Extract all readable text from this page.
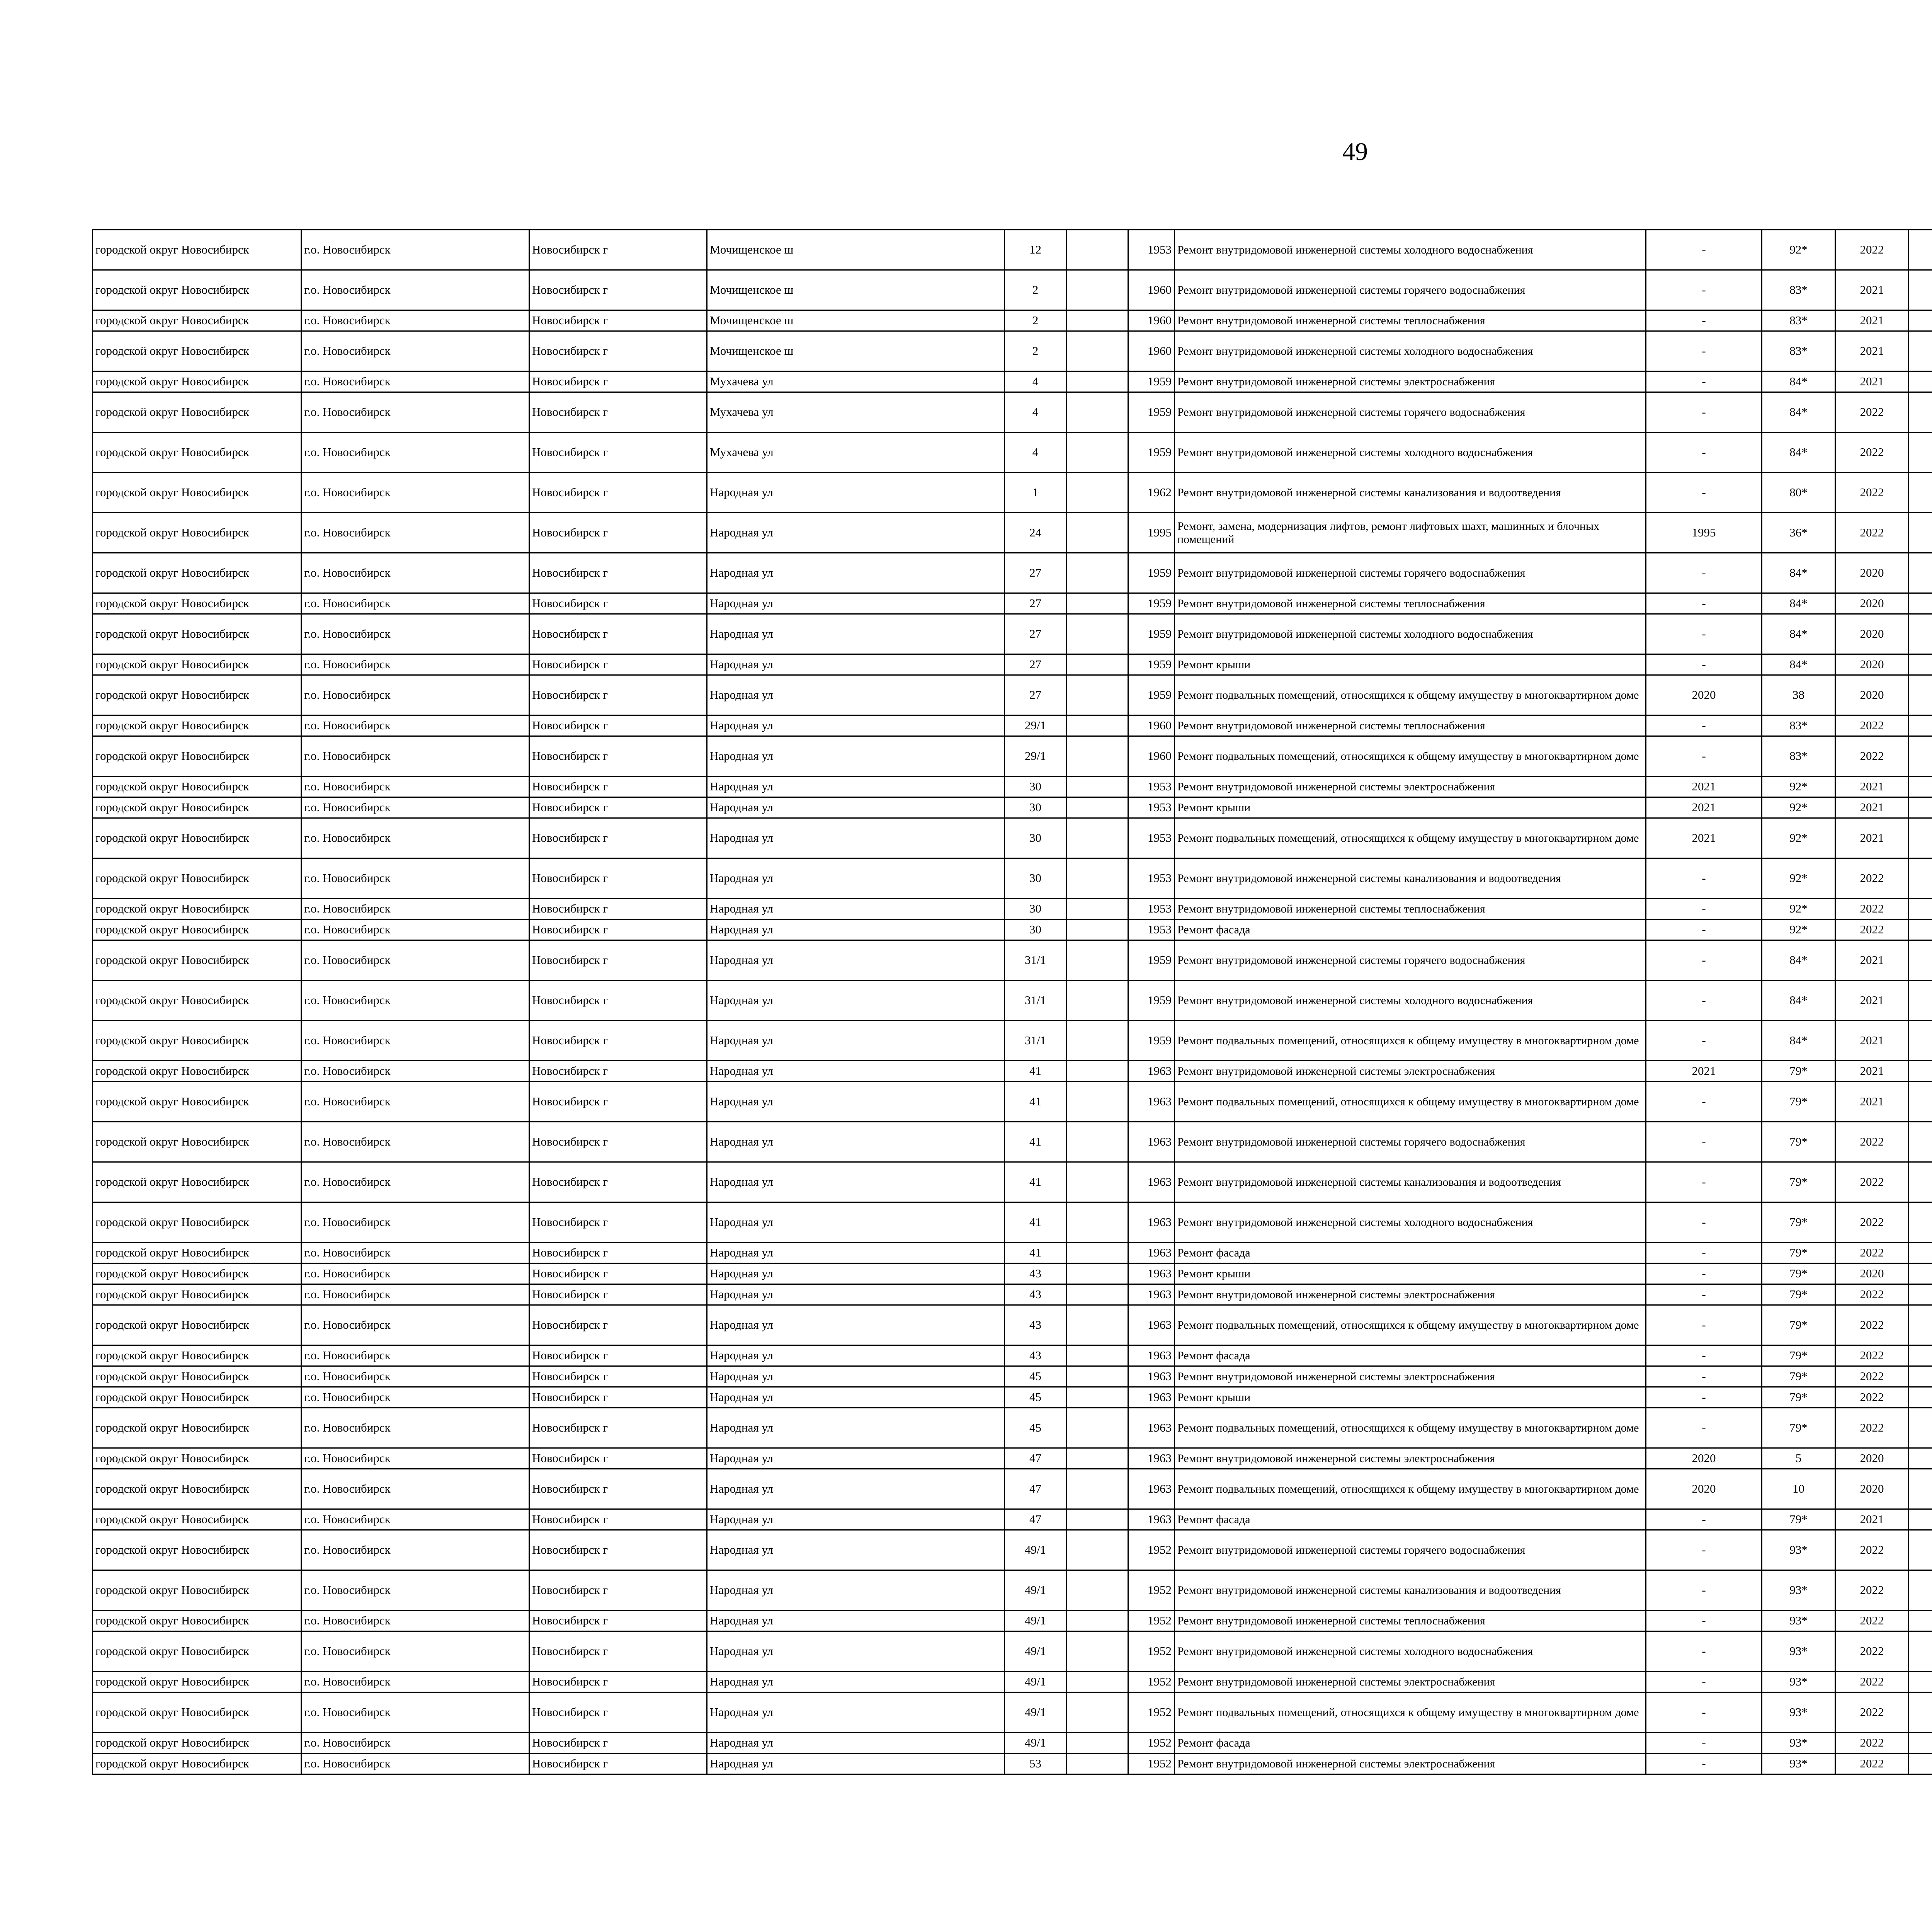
49
городской округ Новосибирск	г.о. Новосибирск	Новосибирск г	Мочищенское ш	12		1953	Ремонт внутридомовой инженерной системы холодного водоснабжения	-	92*	2022							
городской округ Новосибирск	г.о. Новосибирск	Новосибирск г	Мочищенское ш	2		1960	Ремонт внутридомовой инженерной системы горячего водоснабжения	-	83*	2021							
городской округ Новосибирск	г.о. Новосибирск	Новосибирск г	Мочищенское ш	2		1960	Ремонт внутридомовой инженерной системы теплоснабжения	-	83*	2021							
городской округ Новосибирск	г.о. Новосибирск	Новосибирск г	Мочищенское ш	2		1960	Ремонт внутридомовой инженерной системы холодного водоснабжения	-	83*	2021							
городской округ Новосибирск	г.о. Новосибирск	Новосибирск г	Мухачева ул	4		1959	Ремонт внутридомовой инженерной системы электроснабжения	-	84*	2021							
городской округ Новосибирск	г.о. Новосибирск	Новосибирск г	Мухачева ул	4		1959	Ремонт внутридомовой инженерной системы горячего водоснабжения	-	84*	2022							
городской округ Новосибирск	г.о. Новосибирск	Новосибирск г	Мухачева ул	4		1959	Ремонт внутридомовой инженерной системы холодного водоснабжения	-	84*	2022							
городской округ Новосибирск	г.о. Новосибирск	Новосибирск г	Народная ул	1		1962	Ремонт внутридомовой инженерной системы канализования и водоотведения	-	80*	2022							
городской округ Новосибирск	г.о. Новосибирск	Новосибирск г	Народная ул	24		1995	Ремонт, замена, модернизация лифтов, ремонт лифтовых шахт, машинных и блочных помещений	1995	36*	2022							
городской округ Новосибирск	г.о. Новосибирск	Новосибирск г	Народная ул	27		1959	Ремонт внутридомовой инженерной системы горячего водоснабжения	-	84*	2020							
городской округ Новосибирск	г.о. Новосибирск	Новосибирск г	Народная ул	27		1959	Ремонт внутридомовой инженерной системы теплоснабжения	-	84*	2020							
городской округ Новосибирск	г.о. Новосибирск	Новосибирск г	Народная ул	27		1959	Ремонт внутридомовой инженерной системы холодного водоснабжения	-	84*	2020							
городской округ Новосибирск	г.о. Новосибирск	Новосибирск г	Народная ул	27		1959	Ремонт крыши	-	84*	2020							
городской округ Новосибирск	г.о. Новосибирск	Новосибирск г	Народная ул	27		1959	Ремонт подвальных помещений, относящихся к общему имуществу в многоквартирном доме	2020	38	2020							
городской округ Новосибирск	г.о. Новосибирск	Новосибирск г	Народная ул	29/1		1960	Ремонт внутридомовой инженерной системы теплоснабжения	-	83*	2022							
городской округ Новосибирск	г.о. Новосибирск	Новосибирск г	Народная ул	29/1		1960	Ремонт подвальных помещений, относящихся к общему имуществу в многоквартирном доме	-	83*	2022							
городской округ Новосибирск	г.о. Новосибирск	Новосибирск г	Народная ул	30		1953	Ремонт внутридомовой инженерной системы электроснабжения	2021	92*	2021							
городской округ Новосибирск	г.о. Новосибирск	Новосибирск г	Народная ул	30		1953	Ремонт крыши	2021	92*	2021							
городской округ Новосибирск	г.о. Новосибирск	Новосибирск г	Народная ул	30		1953	Ремонт подвальных помещений, относящихся к общему имуществу в многоквартирном доме	2021	92*	2021							
городской округ Новосибирск	г.о. Новосибирск	Новосибирск г	Народная ул	30		1953	Ремонт внутридомовой инженерной системы канализования и водоотведения	-	92*	2022							
городской округ Новосибирск	г.о. Новосибирск	Новосибирск г	Народная ул	30		1953	Ремонт внутридомовой инженерной системы теплоснабжения	-	92*	2022							
городской округ Новосибирск	г.о. Новосибирск	Новосибирск г	Народная ул	30		1953	Ремонт фасада	-	92*	2022							
городской округ Новосибирск	г.о. Новосибирск	Новосибирск г	Народная ул	31/1		1959	Ремонт внутридомовой инженерной системы горячего водоснабжения	-	84*	2021							
городской округ Новосибирск	г.о. Новосибирск	Новосибирск г	Народная ул	31/1		1959	Ремонт внутридомовой инженерной системы холодного водоснабжения	-	84*	2021							
городской округ Новосибирск	г.о. Новосибирск	Новосибирск г	Народная ул	31/1		1959	Ремонт подвальных помещений, относящихся к общему имуществу в многоквартирном доме	-	84*	2021							
городской округ Новосибирск	г.о. Новосибирск	Новосибирск г	Народная ул	41		1963	Ремонт внутридомовой инженерной системы электроснабжения	2021	79*	2021							
городской округ Новосибирск	г.о. Новосибирск	Новосибирск г	Народная ул	41		1963	Ремонт подвальных помещений, относящихся к общему имуществу в многоквартирном доме	-	79*	2021							
городской округ Новосибирск	г.о. Новосибирск	Новосибирск г	Народная ул	41		1963	Ремонт внутридомовой инженерной системы горячего водоснабжения	-	79*	2022							
городской округ Новосибирск	г.о. Новосибирск	Новосибирск г	Народная ул	41		1963	Ремонт внутридомовой инженерной системы канализования и водоотведения	-	79*	2022							
городской округ Новосибирск	г.о. Новосибирск	Новосибирск г	Народная ул	41		1963	Ремонт внутридомовой инженерной системы холодного водоснабжения	-	79*	2022							
городской округ Новосибирск	г.о. Новосибирск	Новосибирск г	Народная ул	41		1963	Ремонт фасада	-	79*	2022							
городской округ Новосибирск	г.о. Новосибирск	Новосибирск г	Народная ул	43		1963	Ремонт крыши	-	79*	2020							
городской округ Новосибирск	г.о. Новосибирск	Новосибирск г	Народная ул	43		1963	Ремонт внутридомовой инженерной системы электроснабжения	-	79*	2022							
городской округ Новосибирск	г.о. Новосибирск	Новосибирск г	Народная ул	43		1963	Ремонт подвальных помещений, относящихся к общему имуществу в многоквартирном доме	-	79*	2022							
городской округ Новосибирск	г.о. Новосибирск	Новосибирск г	Народная ул	43		1963	Ремонт фасада	-	79*	2022							
городской округ Новосибирск	г.о. Новосибирск	Новосибирск г	Народная ул	45		1963	Ремонт внутридомовой инженерной системы электроснабжения	-	79*	2022							
городской округ Новосибирск	г.о. Новосибирск	Новосибирск г	Народная ул	45		1963	Ремонт крыши	-	79*	2022							
городской округ Новосибирск	г.о. Новосибирск	Новосибирск г	Народная ул	45		1963	Ремонт подвальных помещений, относящихся к общему имуществу в многоквартирном доме	-	79*	2022							
городской округ Новосибирск	г.о. Новосибирск	Новосибирск г	Народная ул	47		1963	Ремонт внутридомовой инженерной системы электроснабжения	2020	5	2020							
городской округ Новосибирск	г.о. Новосибирск	Новосибирск г	Народная ул	47		1963	Ремонт подвальных помещений, относящихся к общему имуществу в многоквартирном доме	2020	10	2020							
городской округ Новосибирск	г.о. Новосибирск	Новосибирск г	Народная ул	47		1963	Ремонт фасада	-	79*	2021							
городской округ Новосибирск	г.о. Новосибирск	Новосибирск г	Народная ул	49/1		1952	Ремонт внутридомовой инженерной системы горячего водоснабжения	-	93*	2022							
городской округ Новосибирск	г.о. Новосибирск	Новосибирск г	Народная ул	49/1		1952	Ремонт внутридомовой инженерной системы канализования и водоотведения	-	93*	2022							
городской округ Новосибирск	г.о. Новосибирск	Новосибирск г	Народная ул	49/1		1952	Ремонт внутридомовой инженерной системы теплоснабжения	-	93*	2022							
городской округ Новосибирск	г.о. Новосибирск	Новосибирск г	Народная ул	49/1		1952	Ремонт внутридомовой инженерной системы холодного водоснабжения	-	93*	2022							
городской округ Новосибирск	г.о. Новосибирск	Новосибирск г	Народная ул	49/1		1952	Ремонт внутридомовой инженерной системы электроснабжения	-	93*	2022							
городской округ Новосибирск	г.о. Новосибирск	Новосибирск г	Народная ул	49/1		1952	Ремонт подвальных помещений, относящихся к общему имуществу в многоквартирном доме	-	93*	2022							
городской округ Новосибирск	г.о. Новосибирск	Новосибирск г	Народная ул	49/1		1952	Ремонт фасада	-	93*	2022							
городской округ Новосибирск	г.о. Новосибирск	Новосибирск г	Народная ул	53		1952	Ремонт внутридомовой инженерной системы электроснабжения	-	93*	2022							
